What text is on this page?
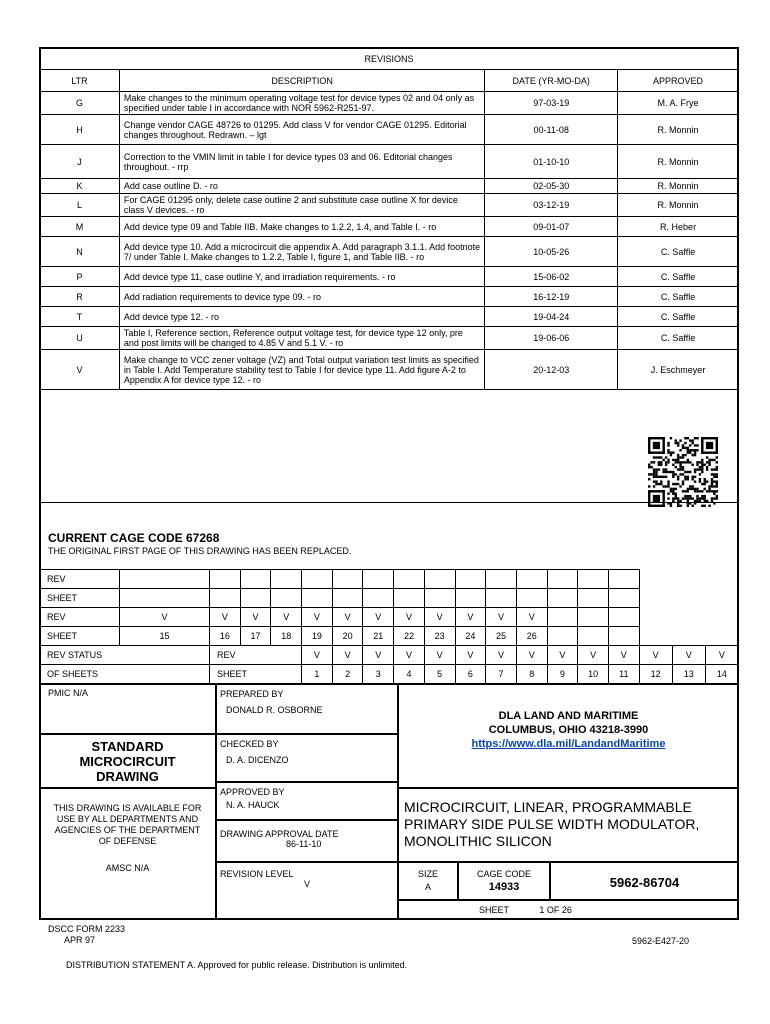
REVISIONS			
LTR	DESCRIPTION	DATE (YR-MO-DA)	APPROVED
G	Make changes to the minimum operating voltage test for device types 02 and 04 only as specified under table I in accordance with NOR 5962-R251-97.	97-03-19	M. A. Frye
H	Change vendor CAGE 48726 to 01295. Add class V for vendor CAGE 01295. Editorial changes throughout. Redrawn. – lgt	00-11-08	R. Monnin
J	Correction to the VMIN limit in table I for device types 03 and 06. Editorial changes throughout. - rrp	01-10-10	R. Monnin
K	Add case outline D. - ro	02-05-30	R. Monnin
L	For CAGE 01295 only, delete case outline 2 and substitute case outline X for device class V devices. - ro	03-12-19	R. Monnin
M	Add device type 09 and Table IIB. Make changes to 1.2.2, 1.4, and Table I. - ro	09-01-07	R. Heber
N	Add device type 10. Add a microcircuit die appendix A. Add paragraph 3.1.1. Add footnote 7/ under Table I. Make changes to 1.2.2, Table I, figure 1, and Table IIB. - ro	10-05-26	C. Saffle
P	Add device type 11, case outline Y, and irradiation requirements. - ro	15-06-02	C. Saffle
R	Add radiation requirements to device type 09. - ro	16-12-19	C. Saffle
T	Add device type 12. - ro	19-04-24	C. Saffle
U	Table I, Reference section, Reference output voltage test, for device type 12 only, pre and post limits will be changed to 4.85 V and 5.1 V. - ro	19-06-06	C. Saffle
V	Make change to VCC zener voltage (VZ) and Total output variation test limits as specified in Table I. Add Temperature stability test to Table I for device type 11. Add figure A-2 to Appendix A for device type 12. - ro	20-12-03	J. Eschmeyer

CURRENT CAGE CODE 67268
THE ORIGINAL FIRST PAGE OF THIS DRAWING HAS BEEN REPLACED.
REV																		
SHEET																		
REV	V	V	V	V	V	V	V	V	V	V	V	V						
SHEET	15	16	17	18	19	20	21	22	23	24	25	26						
REV STATUS		REV			V	V	V	V	V	V	V	V	V	V	V	V	V	V
OF SHEETS		SHEET			1	2	3	4	5	6	7	8	9	10	11	12	13	14
PMIC N/A
STANDARD MICROCIRCUIT DRAWING
THIS DRAWING IS AVAILABLE FOR USE BY ALL DEPARTMENTS AND AGENCIES OF THE DEPARTMENT OF DEFENSE
AMSC N/A
PREPARED BY
DONALD R. OSBORNE
CHECKED BY
D. A. DICENZO
APPROVED BY
N. A. HAUCK
DRAWING APPROVAL DATE
86-11-10
REVISION LEVEL
V
DLA LAND AND MARITIME
COLUMBUS, OHIO 43218-3990
https://www.dla.mil/LandandMaritime
MICROCIRCUIT, LINEAR, PROGRAMMABLE PRIMARY SIDE PULSE WIDTH MODULATOR, MONOLITHIC SILICON
SIZE
A
CAGE CODE
14933	5962-86704
SHEET	1 OF 26
DSCC FORM 2233
APR 97	5962-E427-20
DISTRIBUTION STATEMENT A. Approved for public release. Distribution is unlimited.
